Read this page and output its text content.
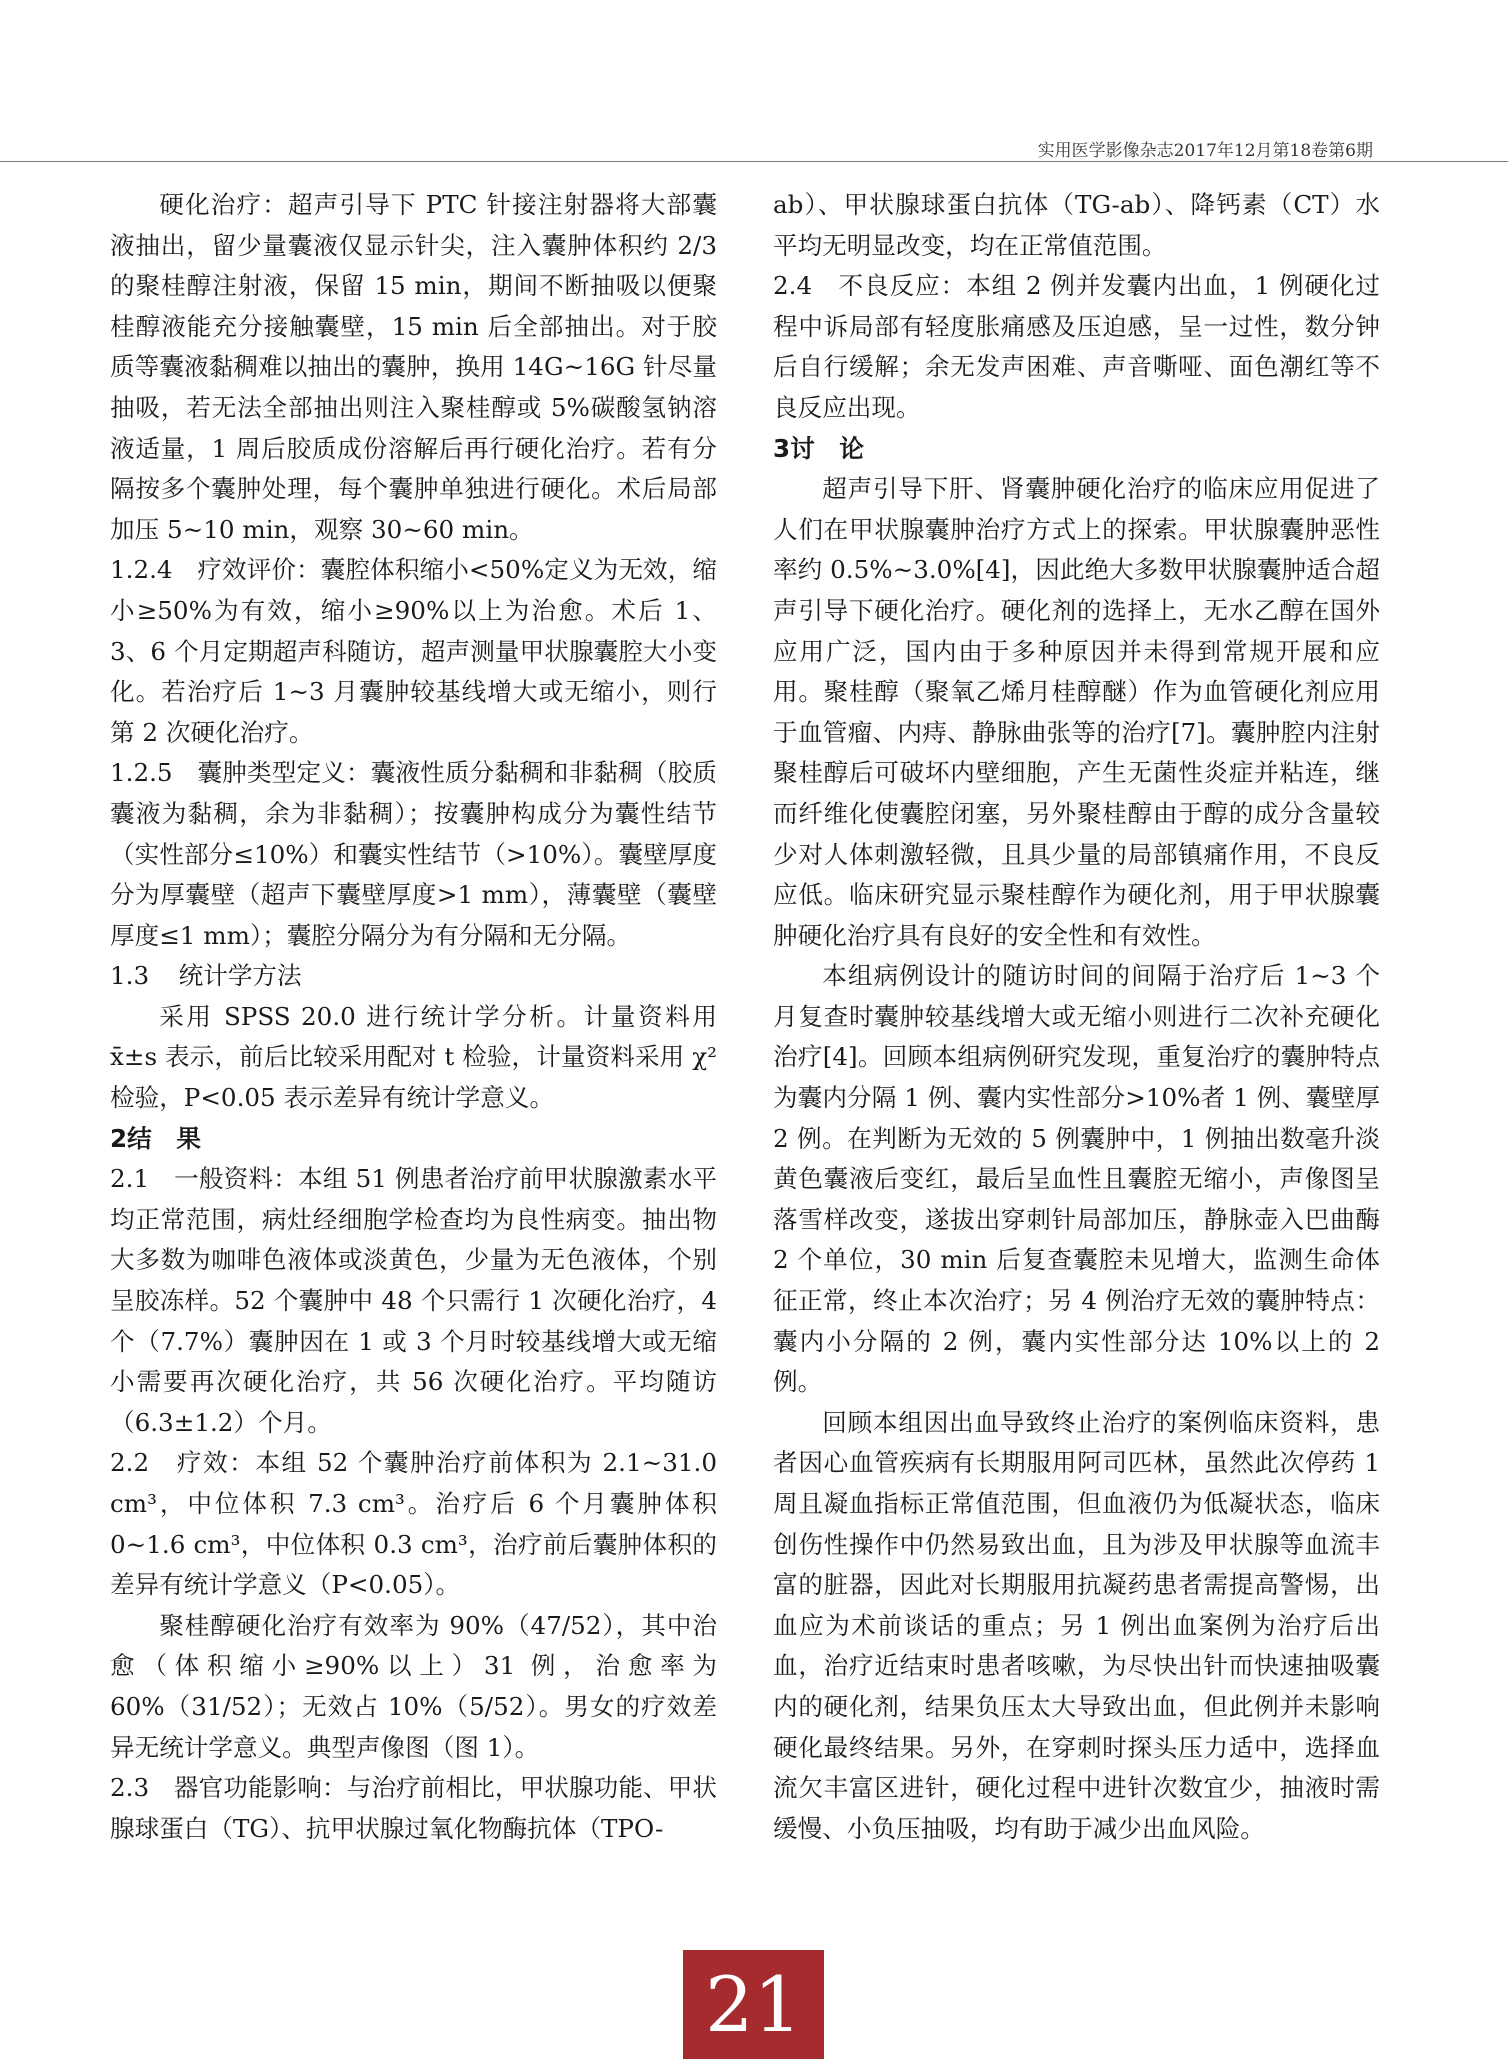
实用医学影像杂志2017年12月第18卷第6期

硬化治疗：超声引导下 PTC 针接注射器将大部囊液抽出，留少量囊液仅显示针尖，注入囊肿体积约 2/3 的聚桂醇注射液，保留 15 min，期间不断抽吸以便聚桂醇液能充分接触囊壁，15 min 后全部抽出。对于胶质等囊液黏稠难以抽出的囊肿，换用 14G~16G 针尽量抽吸，若无法全部抽出则注入聚桂醇或 5%碳酸氢钠溶液适量，1 周后胶质成份溶解后再行硬化治疗。若有分隔按多个囊肿处理，每个囊肿单独进行硬化。术后局部加压 5~10 min，观察 30~60 min。

1.2.4　疗效评价：囊腔体积缩小<50%定义为无效，缩小≥50%为有效，缩小≥90%以上为治愈。术后 1、3、6 个月定期超声科随访，超声测量甲状腺囊腔大小变化。若治疗后 1~3 月囊肿较基线增大或无缩小，则行第 2 次硬化治疗。

1.2.5　囊肿类型定义：囊液性质分黏稠和非黏稠（胶质囊液为黏稠，余为非黏稠）；按囊肿构成分为囊性结节（实性部分≤10%）和囊实性结节（>10%）。囊壁厚度分为厚囊壁（超声下囊壁厚度>1 mm），薄囊壁（囊壁厚度≤1 mm）；囊腔分隔分为有分隔和无分隔。

1.3 统计学方法

采用 SPSS 20.0 进行统计学分析。计量资料用 x̄±s 表示，前后比较采用配对 t 检验，计量资料采用 χ² 检验，P<0.05 表示差异有统计学意义。

2结　果

2.1　一般资料：本组 51 例患者治疗前甲状腺激素水平均正常范围，病灶经细胞学检查均为良性病变。抽出物大多数为咖啡色液体或淡黄色，少量为无色液体，个别呈胶冻样。52 个囊肿中 48 个只需行 1 次硬化治疗，4 个（7.7%）囊肿因在 1 或 3 个月时较基线增大或无缩小需要再次硬化治疗，共 56 次硬化治疗。平均随访（6.3±1.2）个月。

2.2　疗效：本组 52 个囊肿治疗前体积为 2.1~31.0 cm³，中位体积 7.3 cm³。治疗后 6 个月囊肿体积 0~1.6 cm³，中位体积 0.3 cm³，治疗前后囊肿体积的差异有统计学意义（P<0.05）。

聚桂醇硬化治疗有效率为 90%（47/52），其中治愈（体积缩小≥90%以上）31 例，治愈率为 60%（31/52）；无效占 10%（5/52）。男女的疗效差异无统计学意义。典型声像图（图 1）。

2.3　器官功能影响：与治疗前相比，甲状腺功能、甲状腺球蛋白（TG）、抗甲状腺过氧化物酶抗体（TPO-

ab）、甲状腺球蛋白抗体（TG-ab）、降钙素（CT）水平均无明显改变，均在正常值范围。

2.4　不良反应：本组 2 例并发囊内出血，1 例硬化过程中诉局部有轻度胀痛感及压迫感，呈一过性，数分钟后自行缓解；余无发声困难、声音嘶哑、面色潮红等不良反应出现。

3讨　论

超声引导下肝、肾囊肿硬化治疗的临床应用促进了人们在甲状腺囊肿治疗方式上的探索。甲状腺囊肿恶性率约 0.5%~3.0%[4]，因此绝大多数甲状腺囊肿适合超声引导下硬化治疗。硬化剂的选择上，无水乙醇在国外应用广泛，国内由于多种原因并未得到常规开展和应用。聚桂醇（聚氧乙烯月桂醇醚）作为血管硬化剂应用于血管瘤、内痔、静脉曲张等的治疗[7]。囊肿腔内注射聚桂醇后可破坏内壁细胞，产生无菌性炎症并粘连，继而纤维化使囊腔闭塞，另外聚桂醇由于醇的成分含量较少对人体刺激轻微，且具少量的局部镇痛作用，不良反应低。临床研究显示聚桂醇作为硬化剂，用于甲状腺囊肿硬化治疗具有良好的安全性和有效性。

本组病例设计的随访时间的间隔于治疗后 1~3 个月复查时囊肿较基线增大或无缩小则进行二次补充硬化治疗[4]。回顾本组病例研究发现，重复治疗的囊肿特点为囊内分隔 1 例、囊内实性部分>10%者 1 例、囊壁厚 2 例。在判断为无效的 5 例囊肿中，1 例抽出数毫升淡黄色囊液后变红，最后呈血性且囊腔无缩小，声像图呈落雪样改变，遂拔出穿刺针局部加压，静脉壶入巴曲酶 2 个单位，30 min 后复查囊腔未见增大，监测生命体征正常，终止本次治疗；另 4 例治疗无效的囊肿特点：囊内小分隔的 2 例，囊内实性部分达 10%以上的 2 例。

回顾本组因出血导致终止治疗的案例临床资料，患者因心血管疾病有长期服用阿司匹林，虽然此次停药 1 周且凝血指标正常值范围，但血液仍为低凝状态，临床创伤性操作中仍然易致出血，且为涉及甲状腺等血流丰富的脏器，因此对长期服用抗凝药患者需提高警惕，出血应为术前谈话的重点；另 1 例出血案例为治疗后出血，治疗近结束时患者咳嗽，为尽快出针而快速抽吸囊内的硬化剂，结果负压太大导致出血，但此例并未影响硬化最终结果。另外，在穿刺时探头压力适中，选择血流欠丰富区进针，硬化过程中进针次数宜少，抽液时需缓慢、小负压抽吸，均有助于减少出血风险。

21
